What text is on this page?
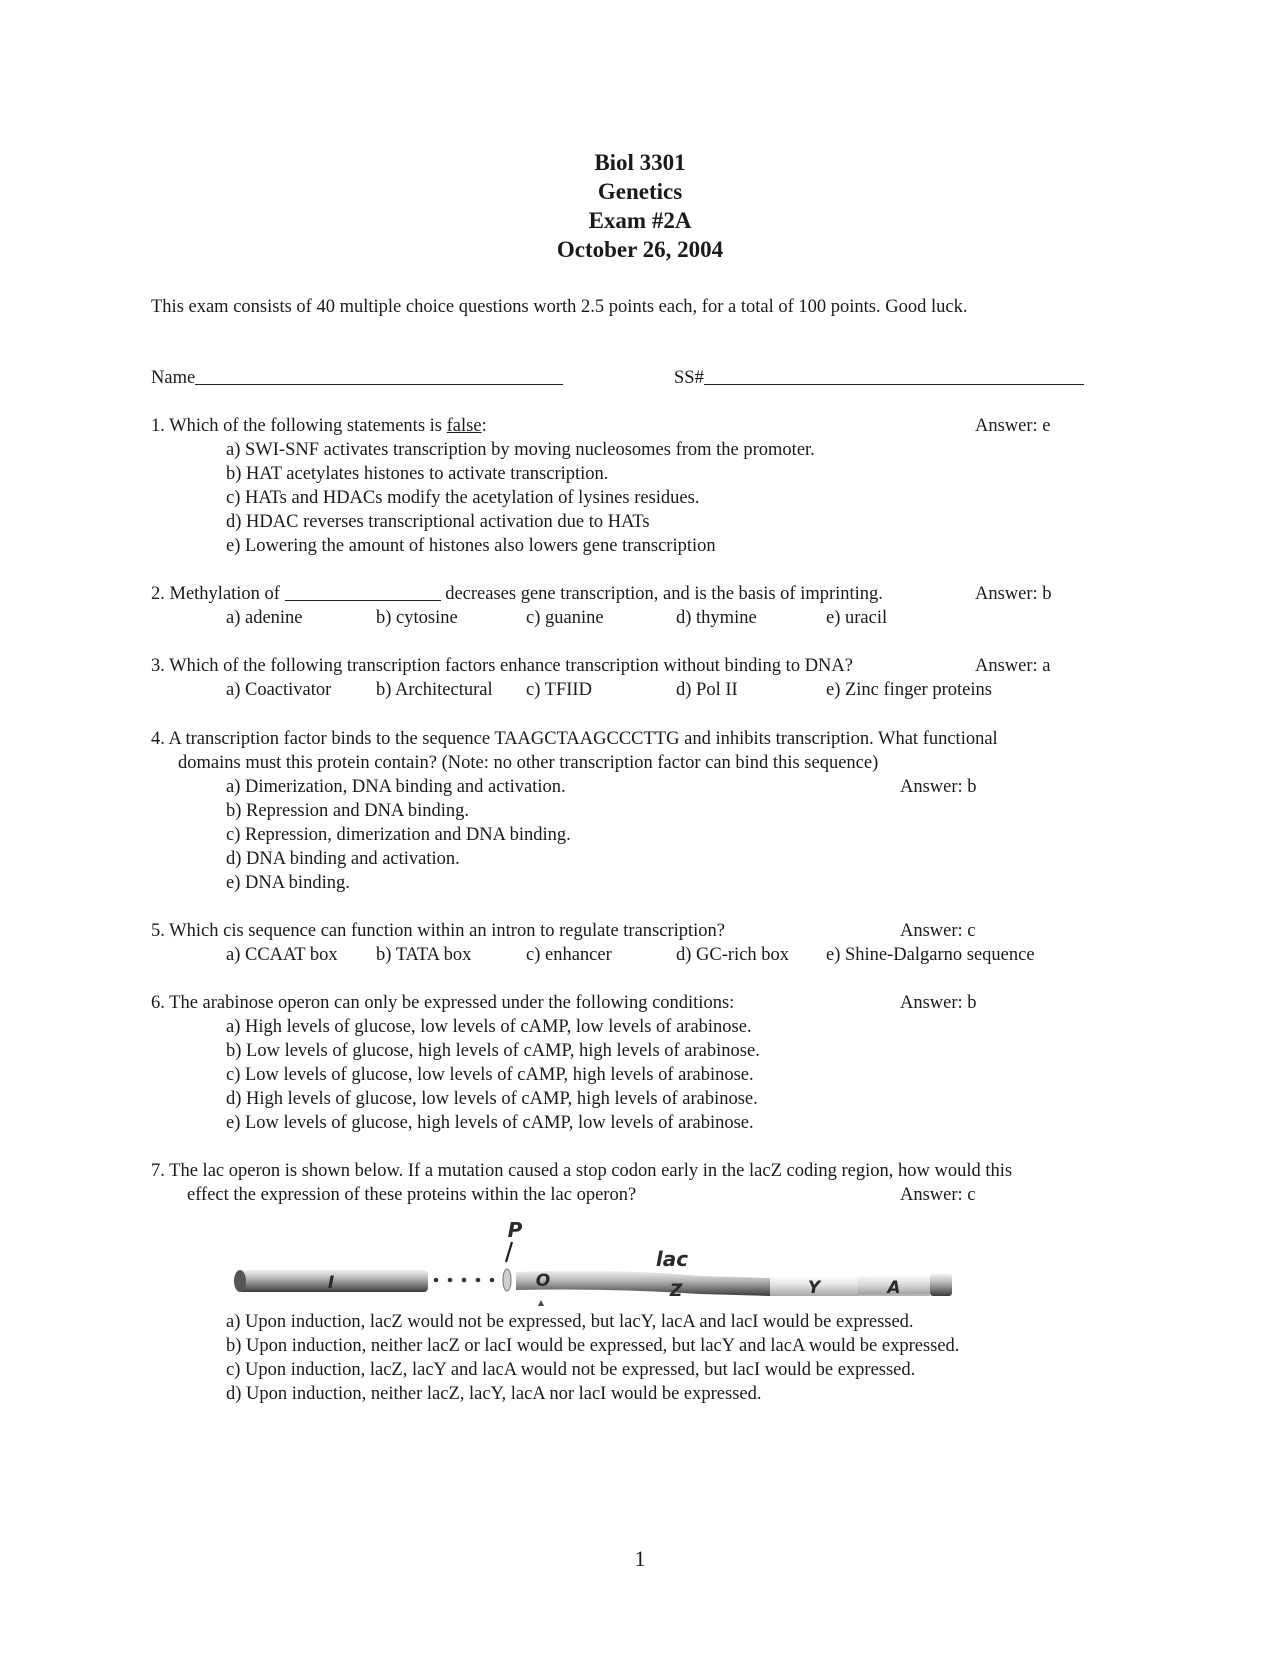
Biol 3301
Genetics
Exam #2A
October 26, 2004
This exam consists of 40 multiple choice questions worth 2.5 points each, for a total of 100 points. Good luck.
Name	SS#
1. Which of the following statements is false:	Answer: e
a) SWI-SNF activates transcription by moving nucleosomes from the promoter.
b) HAT acetylates histones to activate transcription.
c) HATs and HDACs modify the acetylation of lysines residues.
d) HDAC reverses transcriptional activation due to HATs
e) Lowering the amount of histones also lowers gene transcription
2. Methylation of	decreases gene transcription, and is the basis of imprinting.	Answer: b
a) adenine	b) cytosine	c) guanine	d) thymine	e) uracil
3. Which of the following transcription factors enhance transcription without binding to DNA?	Answer: a
a) Coactivator b) Architectural c) TFIID	d) Pol II	e) Zinc finger proteins
4. A transcription factor binds to the sequence TAAGCTAAGCCCTTG and inhibits transcription. What functional
domains must this protein contain? (Note: no other transcription factor can bind this sequence)
Answer: b
a) Dimerization, DNA binding and activation.
b) Repression and DNA binding.
c) Repression, dimerization and DNA binding.
d) DNA binding and activation.
e) DNA binding.
5. Which cis sequence can function within an intron to regulate transcription?	Answer: c
a) CCAAT box b) TATA box	c) enhancer	d) GC-rich box e) Shine-Dalgarno sequence
6. The arabinose operon can only be expressed under the following conditions:	Answer: b
a) High levels of glucose, low levels of cAMP, low levels of arabinose.
b) Low levels of glucose, high levels of cAMP, high levels of arabinose.
c) Low levels of glucose, low levels of cAMP, high levels of arabinose.
d) High levels of glucose, low levels of cAMP, high levels of arabinose.
e) Low levels of glucose, high levels of cAMP, low levels of arabinose.
7. The lac operon is shown below. If a mutation caused a stop codon early in the lacZ coding region, how would this
effect the expression of these proteins within the lac operon?	Answer: c
I
P
O
lac
Z	Y	A
a) Upon induction, lacZ would not be expressed, but lacY, lacA and lacI would be expressed.
b) Upon induction, neither lacZ or lacI would be expressed, but lacY and lacA would be expressed.
c) Upon induction, lacZ, lacY and lacA would not be expressed, but lacI would be expressed.
d) Upon induction, neither lacZ, lacY, lacA nor lacI would be expressed.
1
